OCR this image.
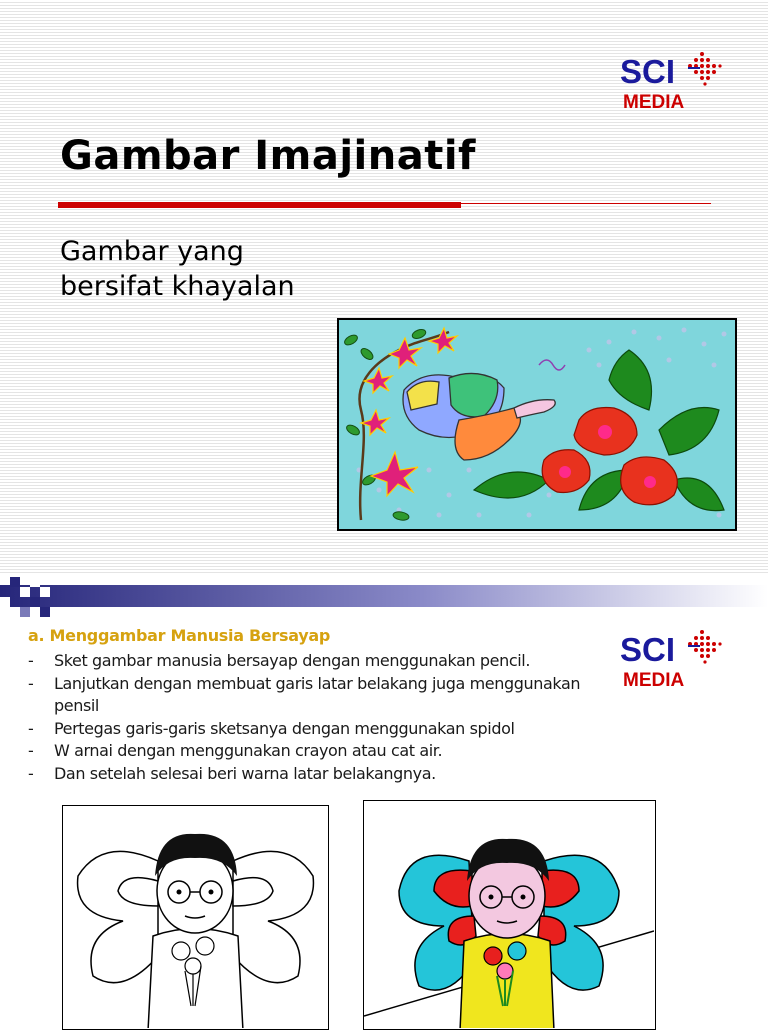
SCI
MEDIA
Gambar Imajinatif
Gambar yang
bersifat khayalan
a. Menggambar Manusia Bersayap	SCI
MEDIA
- Sket gambar manusia bersayap dengan menggunakan pencil.
- Lanjutkan dengan membuat garis latar belakang juga menggunakan pensil
- Pertegas garis-garis sketsanya dengan menggunakan spidol
- W arnai dengan menggunakan crayon atau cat air.
- Dan setelah selesai beri warna latar belakangnya.
